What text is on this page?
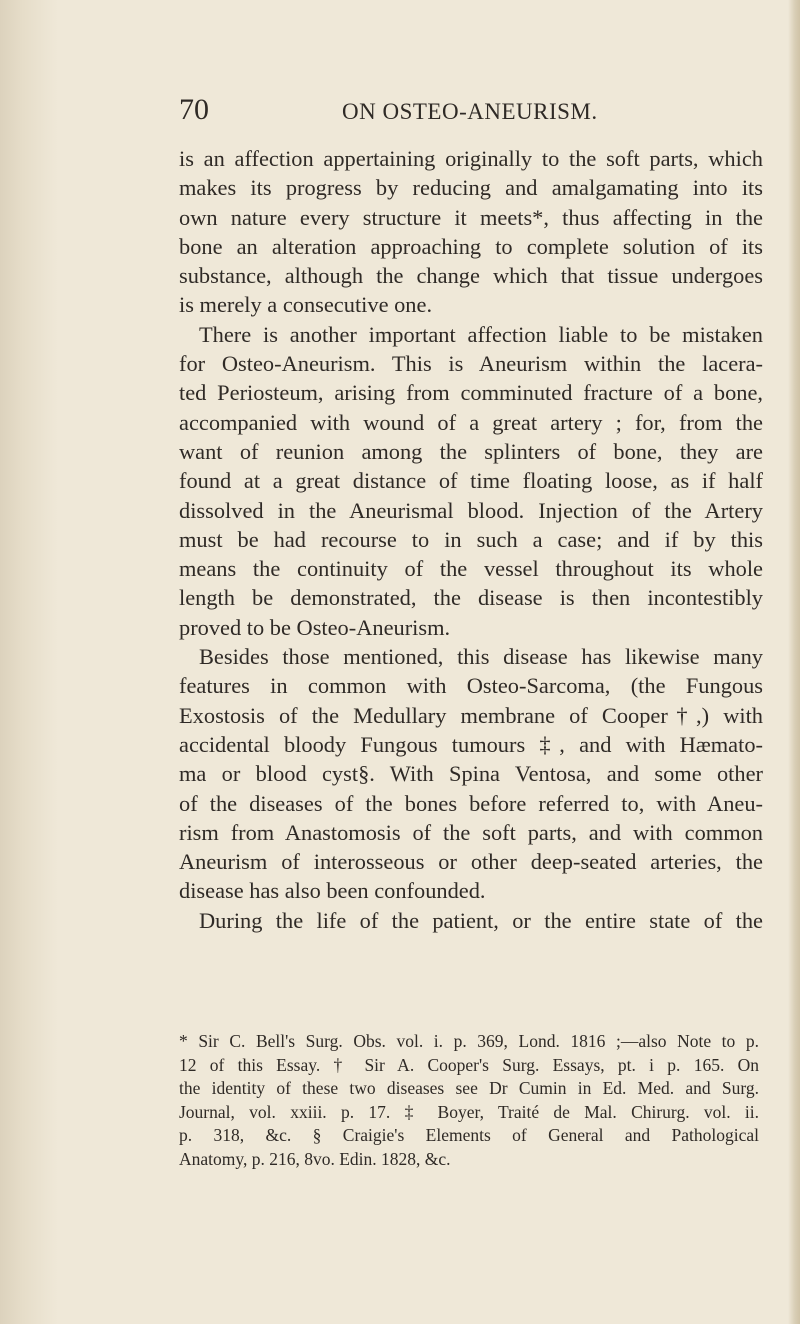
70	ON OSTEO-ANEURISM.

is an affection appertaining originally to the soft parts, which

makes its progress by reducing and amalgamating into its

own nature every structure it meets*, thus affecting in the

bone an alteration approaching to complete solution of its

substance, although the change which that tissue undergoes

is merely a consecutive one.

There is another important affection liable to be mistaken

for Osteo-Aneurism. This is Aneurism within the lacera-

ted Periosteum, arising from comminuted fracture of a bone,

accompanied with wound of a great artery ; for, from the

want of reunion among the splinters of bone, they are

found at a great distance of time floating loose, as if half

dissolved in the Aneurismal blood. Injection of the Artery

must be had recourse to in such a case; and if by this

means the continuity of the vessel throughout its whole

length be demonstrated, the disease is then incontestibly

proved to be Osteo-Aneurism.

Besides those mentioned, this disease has likewise many

features in common with Osteo-Sarcoma, (the Fungous

Exostosis of the Medullary membrane of Cooper†,) with

accidental bloody Fungous tumours ‡, and with Hæmato-

ma or blood cyst§. With Spina Ventosa, and some other

of the diseases of the bones before referred to, with Aneu-

rism from Anastomosis of the soft parts, and with common

Aneurism of interosseous or other deep-seated arteries, the

disease has also been confounded.

During the life of the patient, or the entire state of the

* Sir C. Bell's Surg. Obs. vol. i. p. 369, Lond. 1816 ;—also Note to p.
12 of this Essay. † Sir A. Cooper's Surg. Essays, pt. i p. 165. On
the identity of these two diseases see Dr Cumin in Ed. Med. and Surg.
Journal, vol. xxiii. p. 17. ‡ Boyer, Traité de Mal. Chirurg. vol. ii.
p. 318, &c. § Craigie's Elements of General and Pathological
Anatomy, p. 216, 8vo. Edin. 1828, &c.
